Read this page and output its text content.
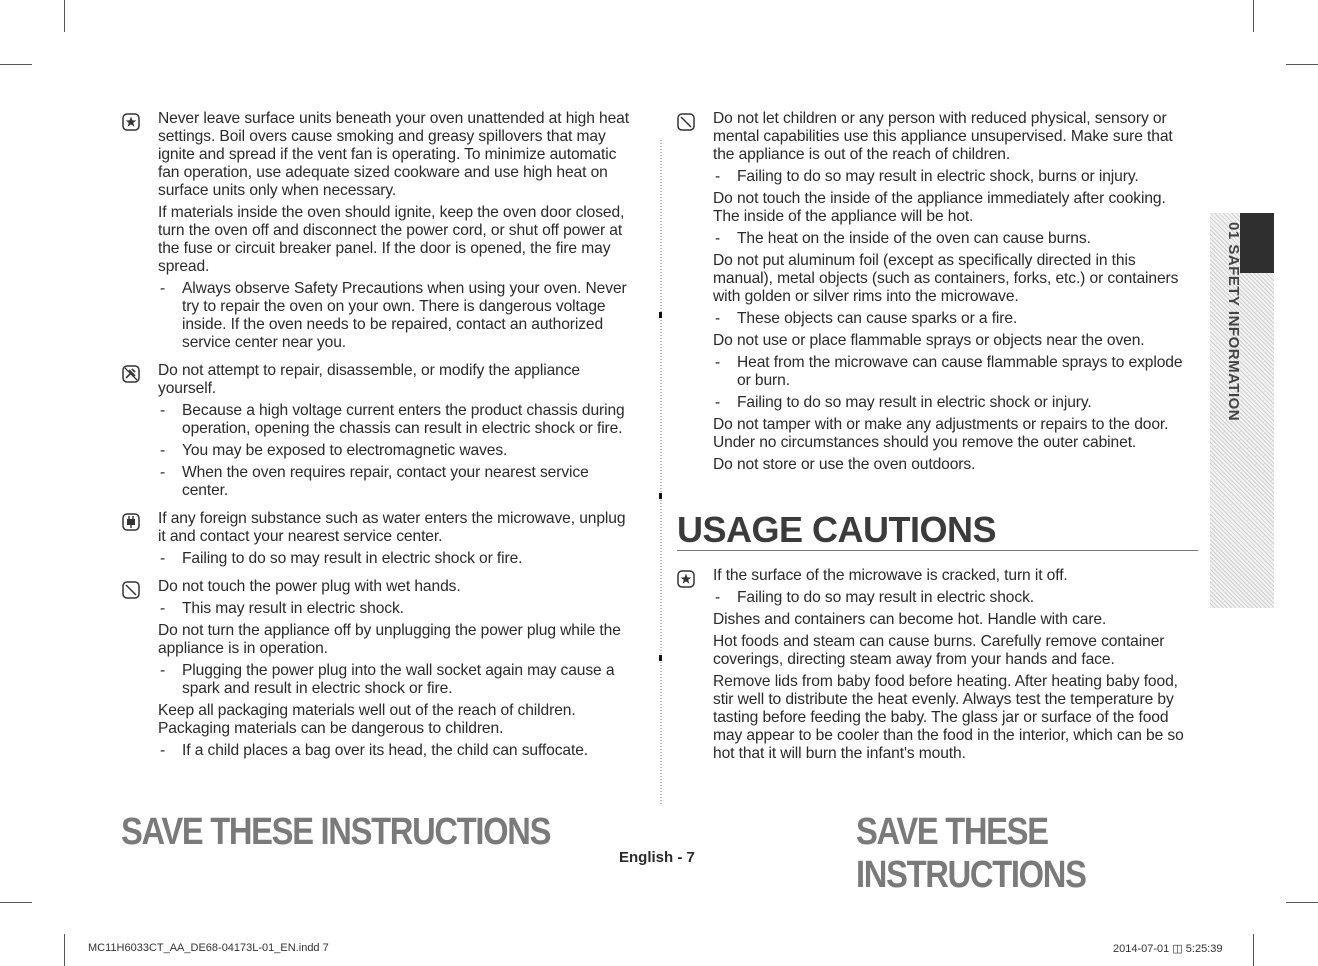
Never leave surface units beneath your oven unattended at high heat settings. Boil overs cause smoking and greasy spillovers that may ignite and spread if the vent fan is operating. To minimize automatic fan operation, use adequate sized cookware and use high heat on surface units only when necessary.
If materials inside the oven should ignite, keep the oven door closed, turn the oven off and disconnect the power cord, or shut off power at the fuse or circuit breaker panel. If the door is opened, the fire may spread.
- Always observe Safety Precautions when using your oven. Never try to repair the oven on your own. There is dangerous voltage inside. If the oven needs to be repaired, contact an authorized service center near you.
Do not attempt to repair, disassemble, or modify the appliance yourself.
- Because a high voltage current enters the product chassis during operation, opening the chassis can result in electric shock or fire.
- You may be exposed to electromagnetic waves.
- When the oven requires repair, contact your nearest service center.
If any foreign substance such as water enters the microwave, unplug it and contact your nearest service center.
- Failing to do so may result in electric shock or fire.
Do not touch the power plug with wet hands.
- This may result in electric shock.
Do not turn the appliance off by unplugging the power plug while the appliance is in operation.
- Plugging the power plug into the wall socket again may cause a spark and result in electric shock or fire.
Keep all packaging materials well out of the reach of children. Packaging materials can be dangerous to children.
- If a child places a bag over its head, the child can suffocate.
Do not let children or any person with reduced physical, sensory or mental capabilities use this appliance unsupervised. Make sure that the appliance is out of the reach of children.
- Failing to do so may result in electric shock, burns or injury.
Do not touch the inside of the appliance immediately after cooking. The inside of the appliance will be hot.
- The heat on the inside of the oven can cause burns.
Do not put aluminum foil (except as specifically directed in this manual), metal objects (such as containers, forks, etc.) or containers with golden or silver rims into the microwave.
- These objects can cause sparks or a fire.
Do not use or place flammable sprays or objects near the oven.
- Heat from the microwave can cause flammable sprays to explode or burn.
- Failing to do so may result in electric shock or injury.
Do not tamper with or make any adjustments or repairs to the door. Under no circumstances should you remove the outer cabinet.
Do not store or use the oven outdoors.
USAGE CAUTIONS
If the surface of the microwave is cracked, turn it off.
- Failing to do so may result in electric shock.
Dishes and containers can become hot. Handle with care.
Hot foods and steam can cause burns. Carefully remove container coverings, directing steam away from your hands and face.
Remove lids from baby food before heating. After heating baby food, stir well to distribute the heat evenly. Always test the temperature by tasting before feeding the baby. The glass jar or surface of the food may appear to be cooler than the food in the interior, which can be so hot that it will burn the infant's mouth.
01 SAFETY INFORMATION
SAVE THESE INSTRUCTIONS	SAVE THESE INSTRUCTIONS
English - 7
MC11H6033CT_AA_DE68-04173L-01_EN.indd 7	2014-07-01 ◫ 5:25:39
